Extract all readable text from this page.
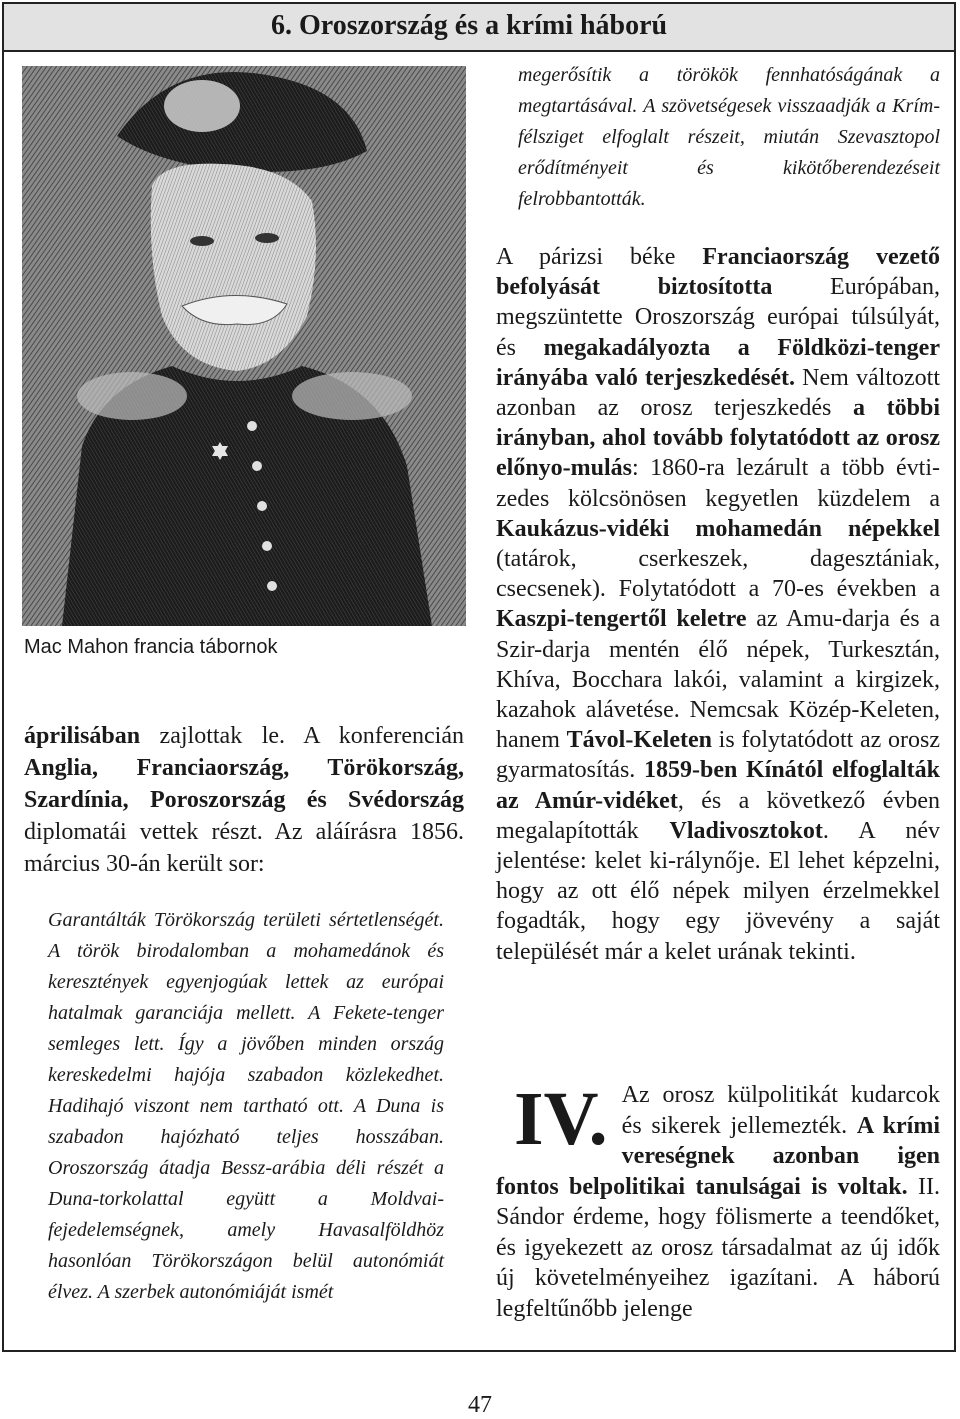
6. Oroszország és a krími háború
Mac Mahon francia tábornok
áprilisában zajlottak le. A konferencián Anglia, Franciaország, Törökország, Szardínia, Poroszország és Svédország diplomatái vettek részt. Az aláírásra 1856. március 30-án került sor:
Garantálták Törökország területi sértetlenségét. A török birodalomban a mohamedánok és keresztények egyenjogúak lettek az európai hatalmak garanciája mellett. A Fekete-tenger semleges lett. Így a jövőben minden ország kereskedelmi hajója szabadon közlekedhet. Hadihajó viszont nem tartható ott. A Duna is szabadon hajózható teljes hosszában. Oroszország átadja Bessz-arábia déli részét a Duna-torkolattal együtt a Moldvai-fejedelemségnek, amely Havasalföldhöz hasonlóan Törökországon belül autonómiát élvez. A szerbek autonómiáját ismét
megerősítik a törökök fennhatóságának a megtartásával. A szövetségesek visszaadják a Krím-félsziget elfoglalt részeit, miután Szevasztopol erődítményeit és kikötőberendezéseit felrobbantották.

A párizsi béke Franciaország vezető befolyását biztosította Európában, megszüntette Oroszország európai túlsúlyát, és megakadályozta a Földközi-tenger irányába való terjeszkedését. Nem változott azonban az orosz terjeszkedés a többi irányban, ahol tovább folytatódott az orosz előnyo-mulás: 1860-ra lezárult a több évti-zedes kölcsönösen kegyetlen küzdelem a Kaukázus-vidéki mohamedán népekkel (tatárok, cserkeszek, dagesztániak, csecsenek). Folytatódott a 70-es években a Kaszpi-tengertől keletre az Amu-darja és a Szir-darja mentén élő népek, Turkesztán, Khíva, Bocchara lakói, valamint a kirgizek, kazahok alávetése. Nemcsak Közép-Keleten, hanem Távol-Keleten is folytatódott az orosz gyarmatosítás. 1859-ben Kínától elfoglalták az Amúr-vidéket, és a következő évben megalapították Vladivosztokot. A név jelentése: kelet ki-rálynője. El lehet képzelni, hogy az ott élő népek milyen érzelmekkel fogadták, hogy egy jövevény a saját települését már a kelet urának tekinti.

IV. Az orosz külpolitikát kudarcok és sikerek jellemezték. A krími vereségnek azonban igen fontos belpolitikai tanulságai is voltak. II. Sándor érdeme, hogy fölismerte a teendőket, és igyekezett az orosz társadalmat az új idők új követelményeihez igazítani. A háború legfeltűnőbb jelenge
47
